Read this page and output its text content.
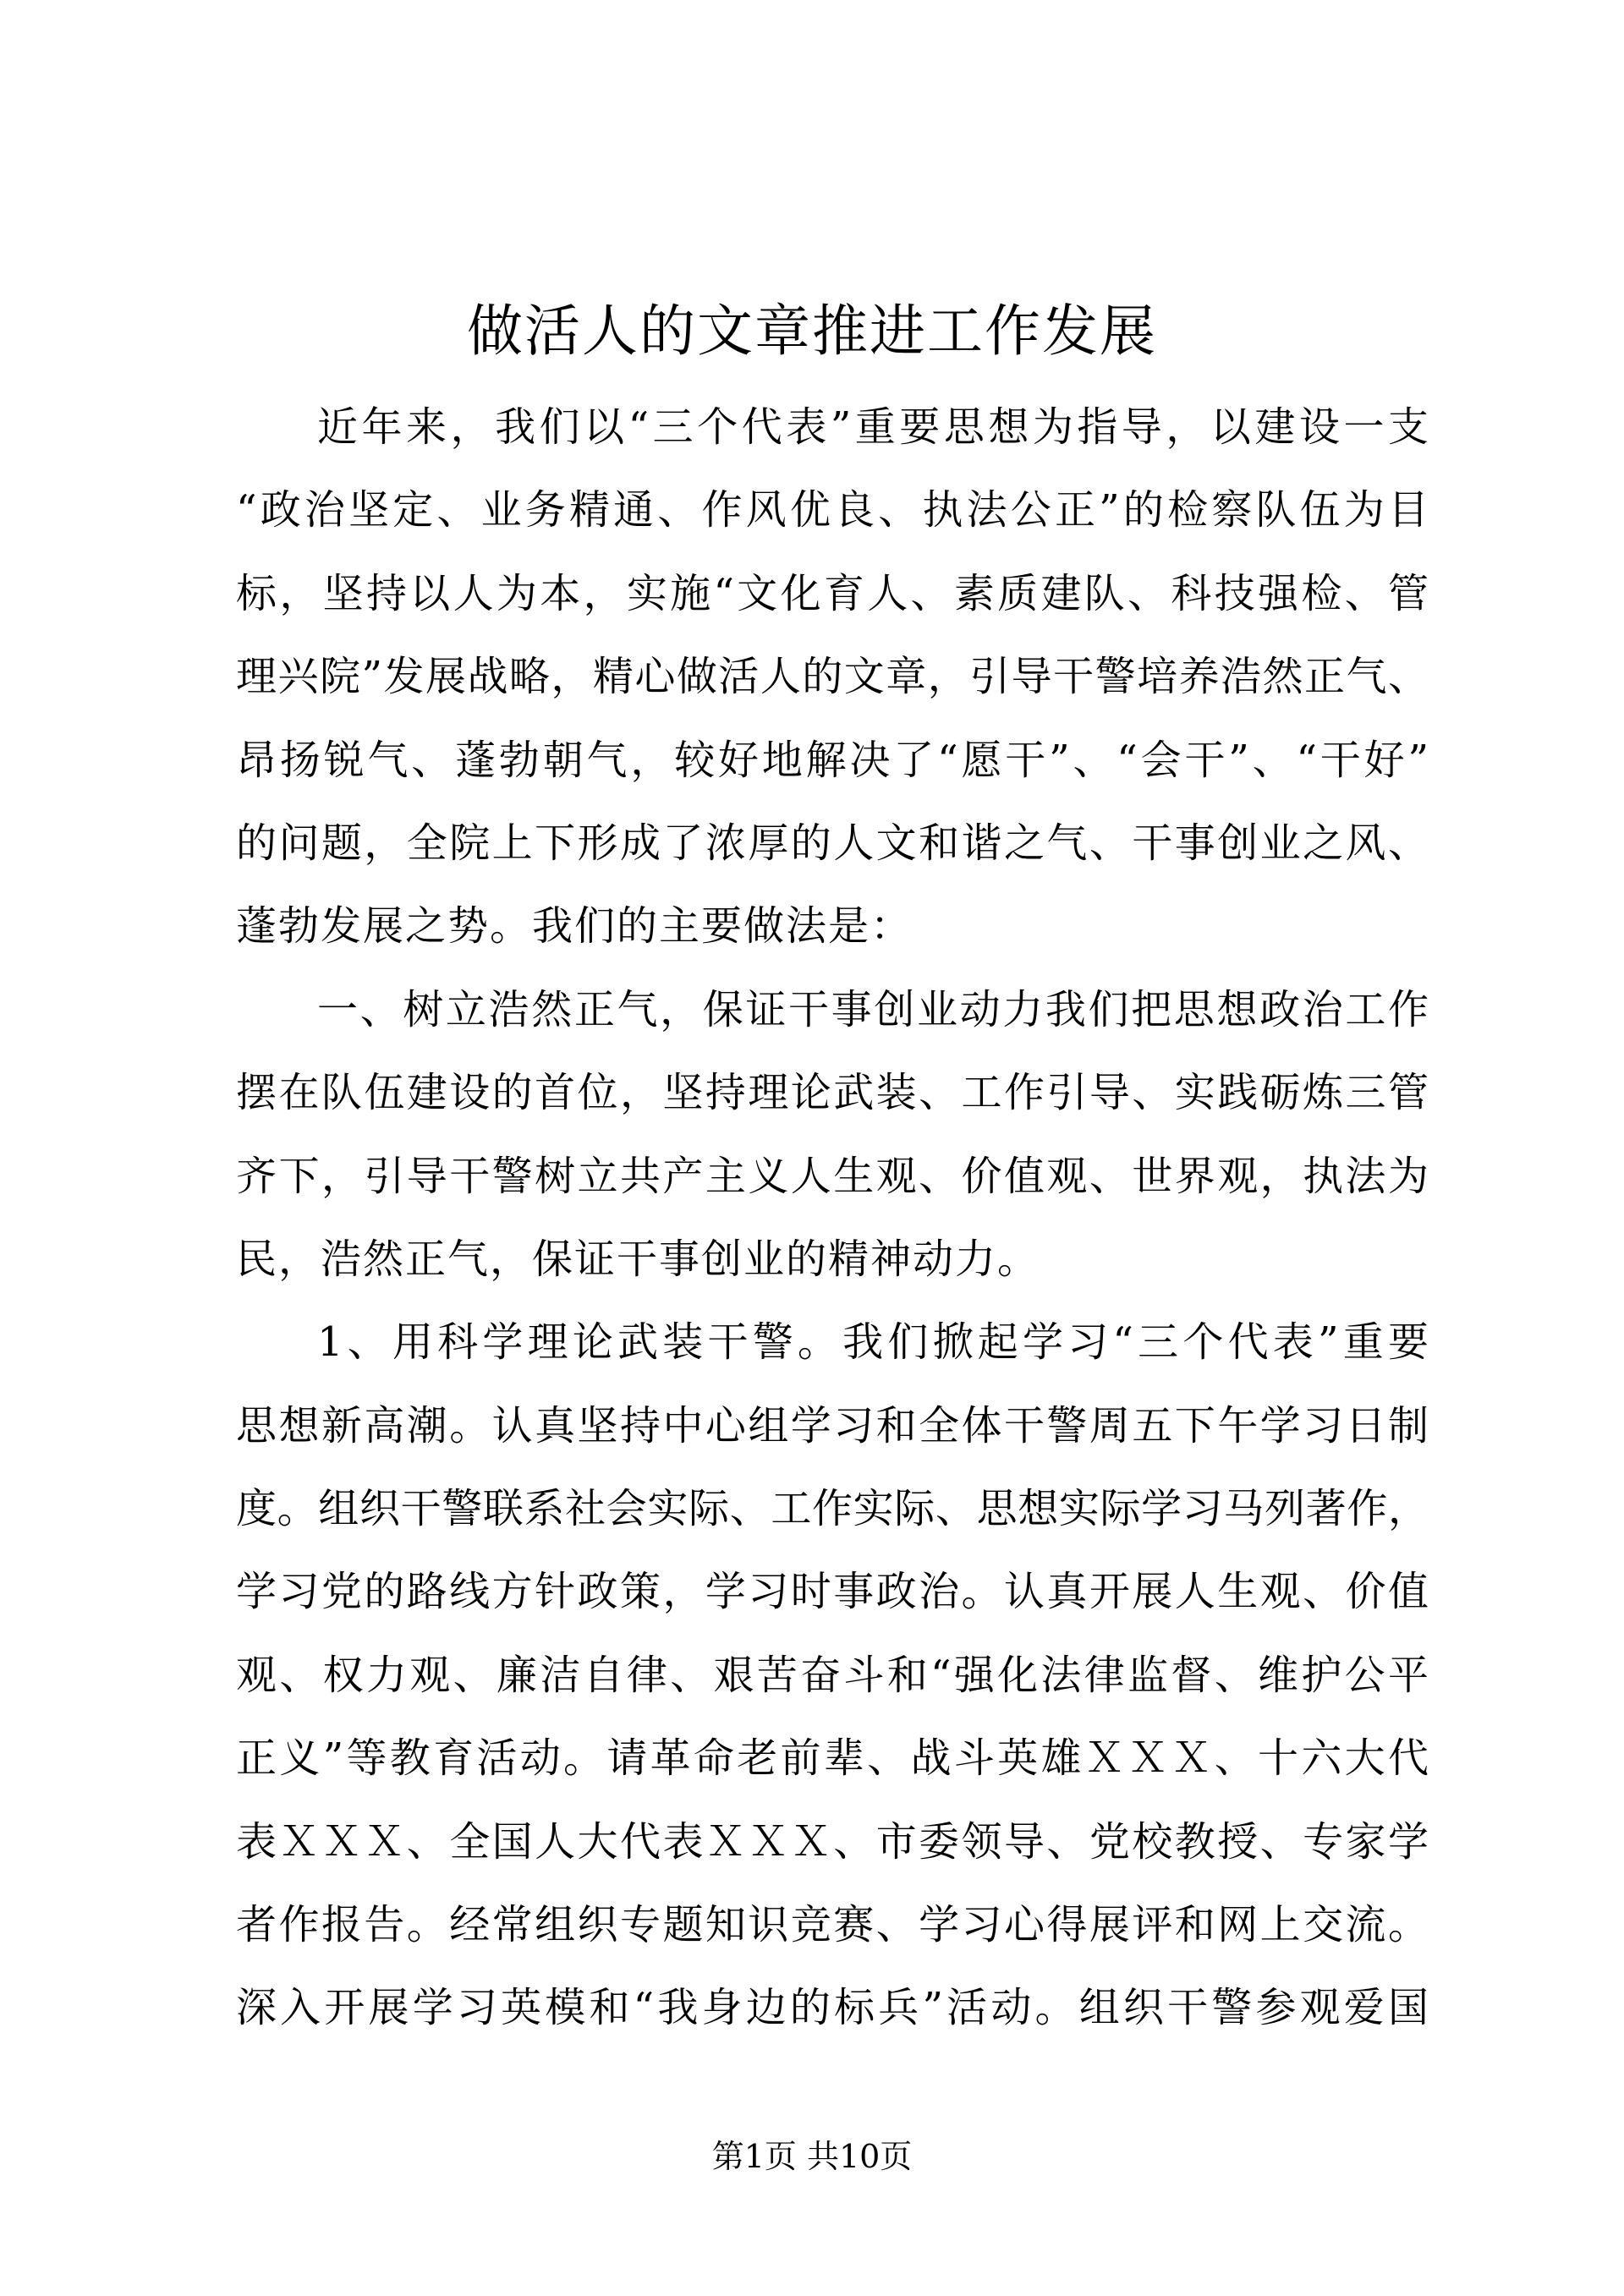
做活人的文章推进工作发展
近年来，我们以“三个代表”重要思想为指导，以建设一支
“政治坚定、业务精通、作风优良、执法公正”的检察队伍为目
标，坚持以人为本，实施“文化育人、素质建队、科技强检、管
理兴院”发展战略，精心做活人的文章，引导干警培养浩然正气、
昂扬锐气、蓬勃朝气，较好地解决了“愿干”、“会干”、“干好”
的问题，全院上下形成了浓厚的人文和谐之气、干事创业之风、
蓬勃发展之势。我们的主要做法是：
一、树立浩然正气，保证干事创业动力我们把思想政治工作
摆在队伍建设的首位，坚持理论武装、工作引导、实践砺炼三管
齐下，引导干警树立共产主义人生观、价值观、世界观，执法为
民，浩然正气，保证干事创业的精神动力。
1、用科学理论武装干警。我们掀起学习“三个代表”重要
思想新高潮。认真坚持中心组学习和全体干警周五下午学习日制
度。组织干警联系社会实际、工作实际、思想实际学习马列著作，
学习党的路线方针政策，学习时事政治。认真开展人生观、价值
观、权力观、廉洁自律、艰苦奋斗和“强化法律监督、维护公平
正义”等教育活动。请革命老前辈、战斗英雄ＸＸＸ、十六大代
表ＸＸＸ、全国人大代表ＸＸＸ、市委领导、党校教授、专家学
者作报告。经常组织专题知识竞赛、学习心得展评和网上交流。
深入开展学习英模和“我身边的标兵”活动。组织干警参观爱国
第1页 共10页
